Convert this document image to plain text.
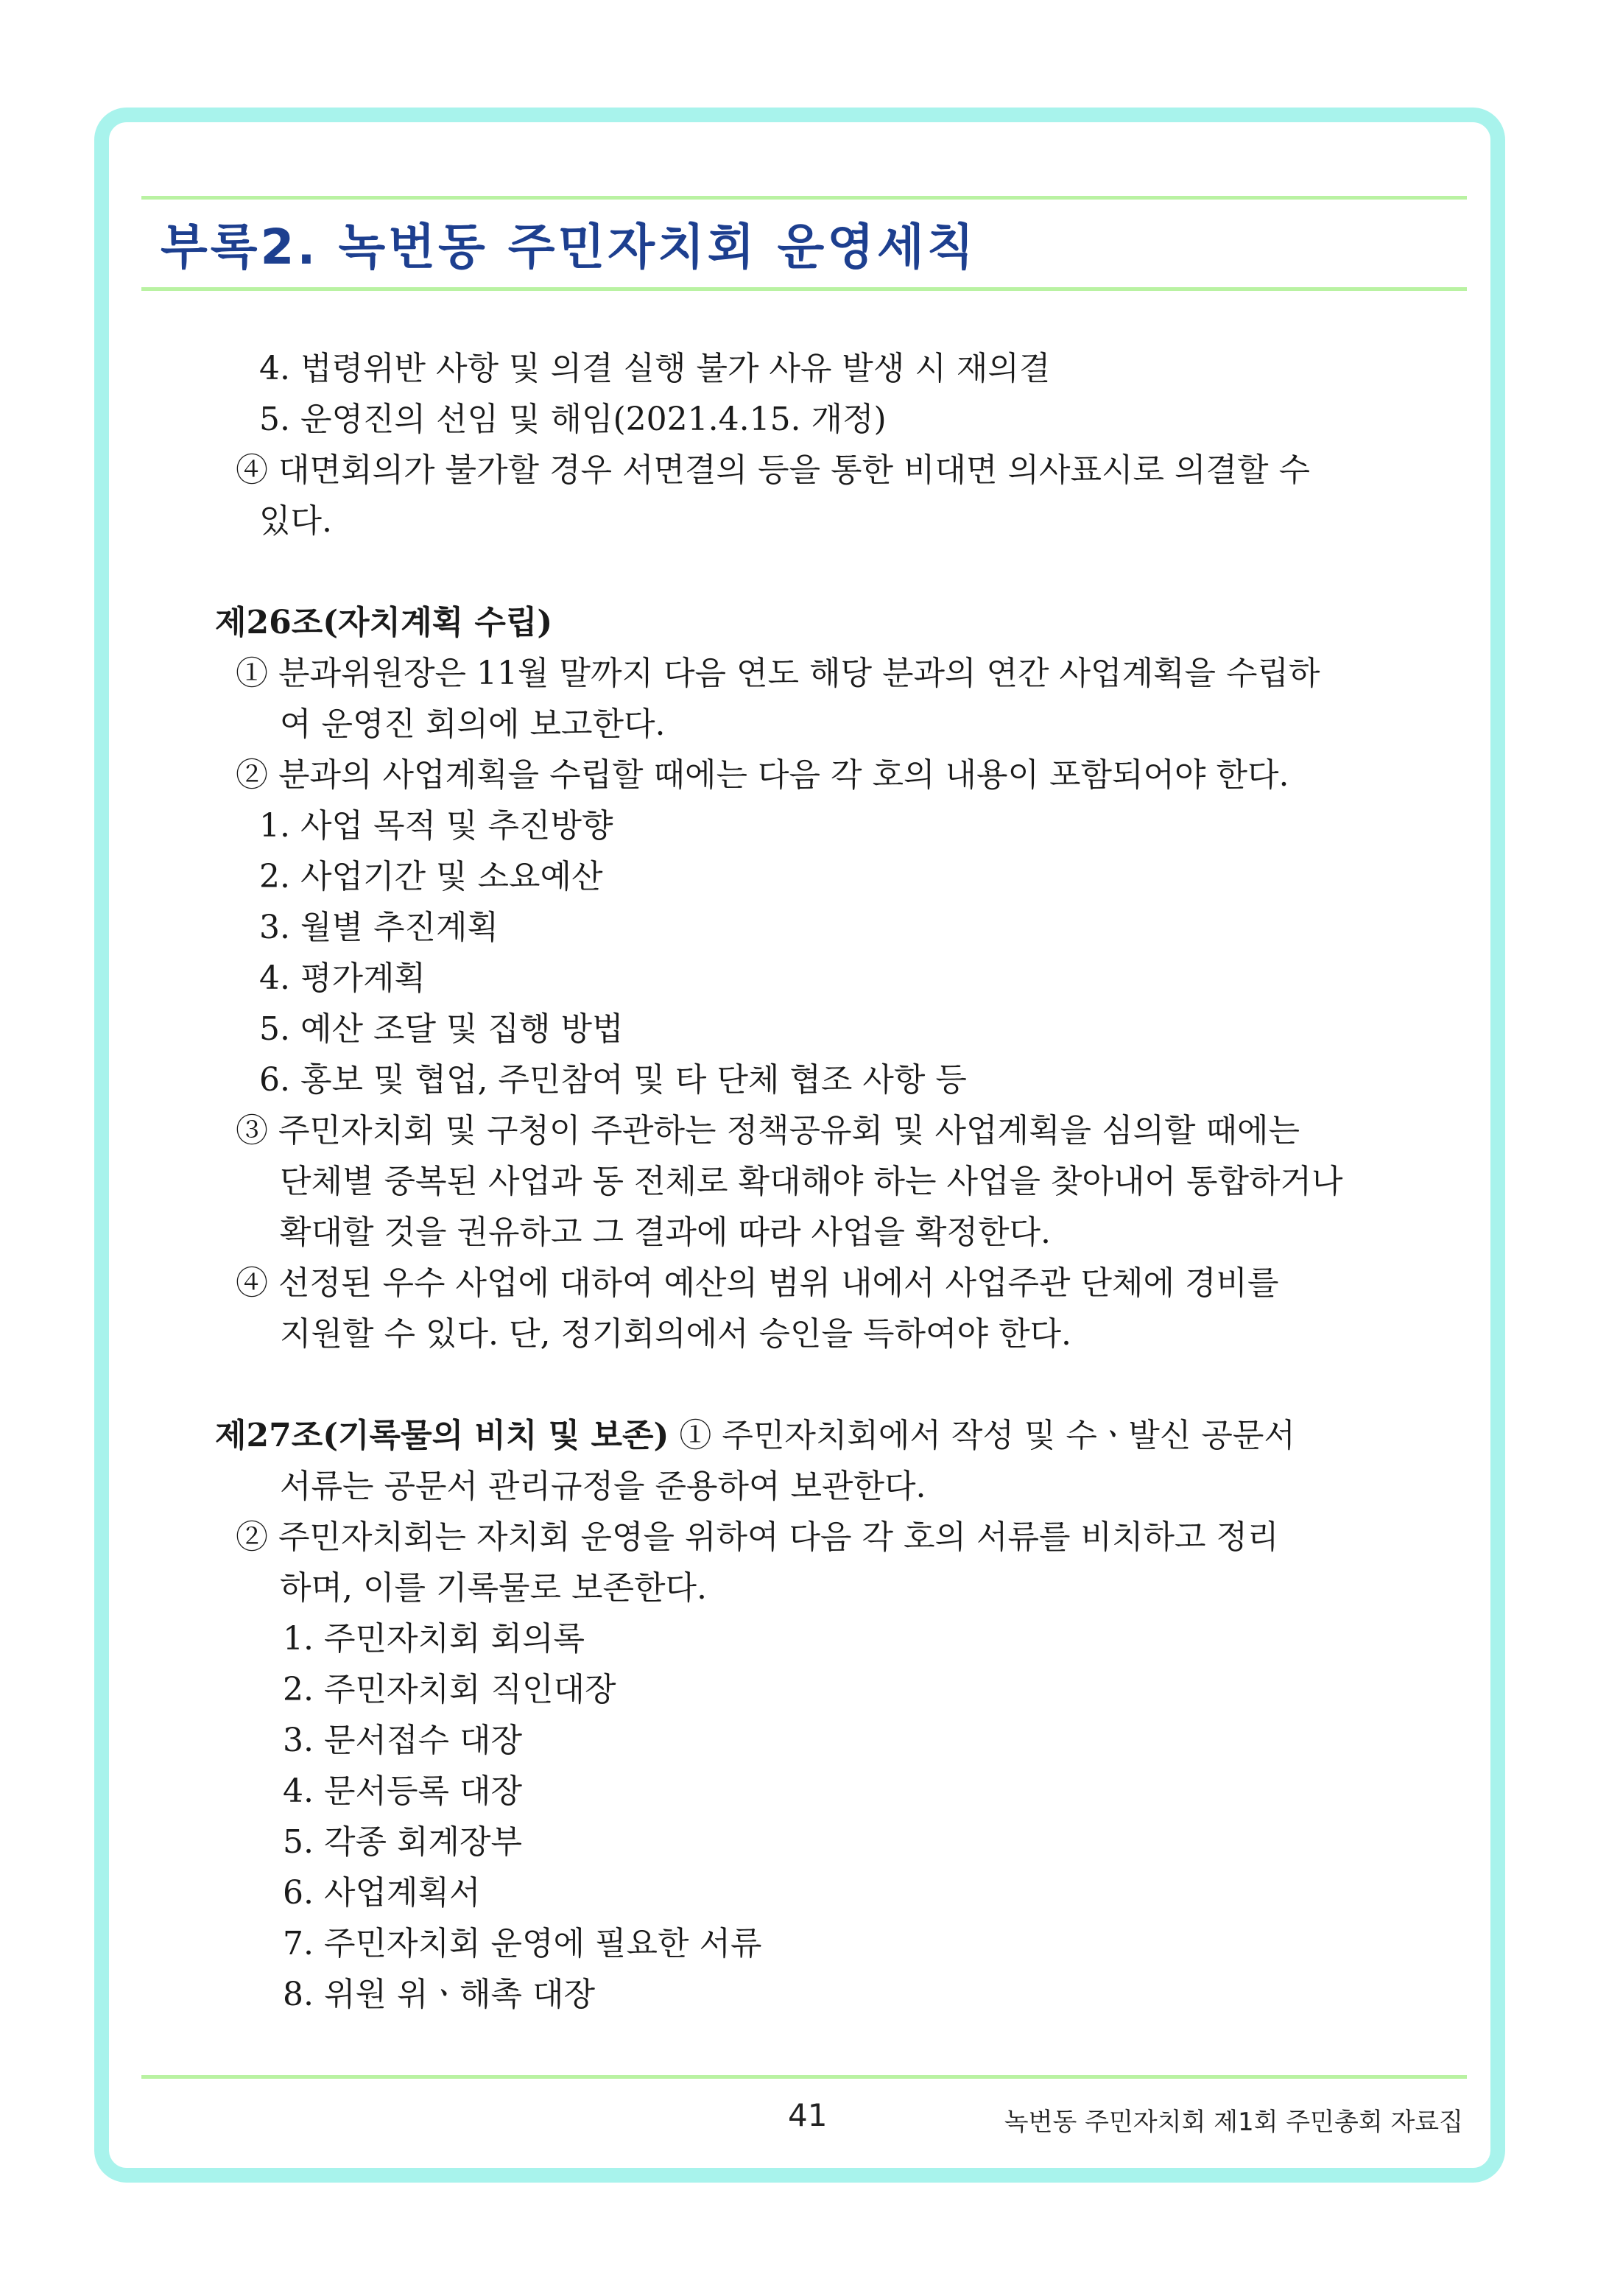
부록2. 녹번동 주민자치회 운영세칙
4. 법령위반 사항 및 의결 실행 불가 사유 발생 시 재의결
5. 운영진의 선임 및 해임(2021.4.15. 개정)
④ 대면회의가 불가할 경우 서면결의 등을 통한 비대면 의사표시로 의결할 수
있다.
제26조(자치계획 수립)
① 분과위원장은 11월 말까지 다음 연도 해당 분과의 연간 사업계획을 수립하
여 운영진 회의에 보고한다.
② 분과의 사업계획을 수립할 때에는 다음 각 호의 내용이 포함되어야 한다.
1. 사업 목적 및 추진방향
2. 사업기간 및 소요예산
3. 월별 추진계획
4. 평가계획
5. 예산 조달 및 집행 방법
6. 홍보 및 협업, 주민참여 및 타 단체 협조 사항 등
③ 주민자치회 및 구청이 주관하는 정책공유회 및 사업계획을 심의할 때에는
단체별 중복된 사업과 동 전체로 확대해야 하는 사업을 찾아내어 통합하거나
확대할 것을 권유하고 그 결과에 따라 사업을 확정한다.
④ 선정된 우수 사업에 대하여 예산의 범위 내에서 사업주관 단체에 경비를
지원할 수 있다. 단, 정기회의에서 승인을 득하여야 한다.
제27조(기록물의 비치 및 보존) ① 주민자치회에서 작성 및 수ㆍ발신 공문서
서류는 공문서 관리규정을 준용하여 보관한다.
② 주민자치회는 자치회 운영을 위하여 다음 각 호의 서류를 비치하고 정리
하며, 이를 기록물로 보존한다.
1. 주민자치회 회의록
2. 주민자치회 직인대장
3. 문서접수 대장
4. 문서등록 대장
5. 각종 회계장부
6. 사업계획서
7. 주민자치회 운영에 필요한 서류
8. 위원 위ㆍ해촉 대장
41	녹번동 주민자치회 제1회 주민총회 자료집
